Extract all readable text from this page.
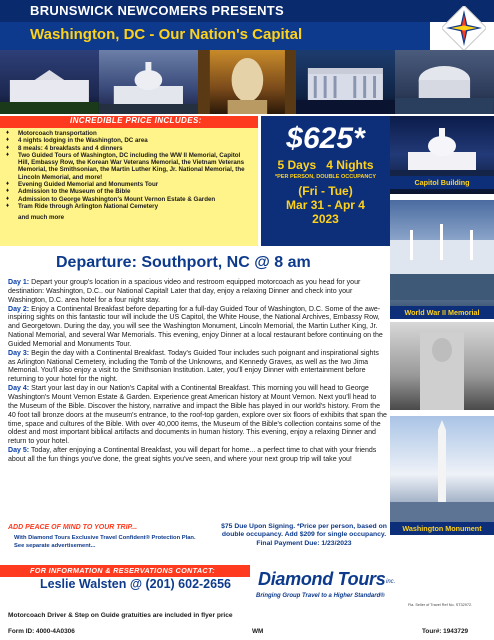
BRUNSWICK NEWCOMERS PRESENTS
Washington, DC - Our Nation's Capital
INCREDIBLE PRICE INCLUDES:
♦ Motorcoach transportation
♦ 4 nights lodging in the Washington, DC area
♦ 8 meals: 4 breakfasts and 4 dinners
♦ Two Guided Tours of Washington, DC including the WW II Memorial, Capitol Hill, Embassy Row, the Korean War Veterans Memorial, the Vietnam Veterans Memorial, the Smithsonian, the Martin Luther King, Jr. National Memorial, the Lincoln Memorial, and more!
♦ Evening Guided Memorial and Monuments Tour
♦ Admission to the Museum of the Bible
♦ Admission to George Washington's Mount Vernon Estate & Garden
♦ Tram Ride through Arlington National Cemetery
and much more
$625*
5 Days 4 Nights
*PER PERSON, DOUBLE OCCUPANCY
(Fri - Tue)
Mar 31 - Apr 4
2023
Capitol Building
World War II Memorial
Washington Monument
Departure: Southport, NC @ 8 am

Day 1: Depart your group's location in a spacious video and restroom equipped motorcoach as you head for your destination: Washington, D.C.. our National Capital! Later that day, enjoy a relaxing Dinner and check into your Washington, D.C. area hotel for a four night stay.

Day 2: Enjoy a Continental Breakfast before departing for a full-day Guided Tour of Washington, D.C. Some of the awe-inspiring sights on this fantastic tour will include the US Capitol, the White House, the National Archives, Embassy Row, and Georgetown. During the day, you will see the Washington Monument, Lincoln Memorial, the Martin Luther King, Jr. National Memorial, and several War Memorials. This evening, enjoy Dinner at a local restaurant before continuing on the Guided Memorial and Monuments Tour.

Day 3: Begin the day with a Continental Breakfast. Today's Guided Tour includes such poignant and inspirational sights as Arlington National Cemetery, including the Tomb of the Unknowns, and Kennedy Graves, as well as the Iwo Jima Memorial. You'll also enjoy a visit to the Smithsonian Institution. Later, you'll enjoy Dinner with entertainment before returning to your hotel for the night.

Day 4: Start your last day in our Nation's Capital with a Continental Breakfast. This morning you will head to George Washington's Mount Vernon Estate & Garden. Experience great American history at Mount Vernon. Next you'll head to the Museum of the Bible. Discover the history, narrative and impact the Bible has played in our world's history. From the 40 foot tall bronze doors at the museum's entrance, to the roof-top garden, explore over six floors of exhibits that span the time, space and cultures of the Bible. With over 40,000 items, the Museum of the Bible's collection contains some of the oldest and most important biblical artifacts and documents in human history. This evening, enjoy a relaxing Dinner and return to your hotel.

Day 5: Today, after enjoying a Continental Breakfast, you will depart for home... a perfect time to chat with your friends about all the fun things you've done, the great sights you've seen, and where your next group trip will take you!

ADD PEACE OF MIND TO YOUR TRIP...
With Diamond Tours Exclusive Travel Confident® Protection Plan.
See separate advertisement...
$75 Due Upon Signing. *Price per person, based on
double occupancy. Add $209 for single occupancy.
Final Payment Due: 1/23/2023
FOR INFORMATION & RESERVATIONS CONTACT:
Leslie Walsten @ (201) 602-2656 Diamond Tours inc.
Bringing Group Travel to a Higher Standard®
Fla. Seller of Travel Ref No. ST32972.
Motorcoach Driver & Step on Guide gratuities are included in flyer price
Form ID: 4000-4A0306	WM	Tour#: 1943729
